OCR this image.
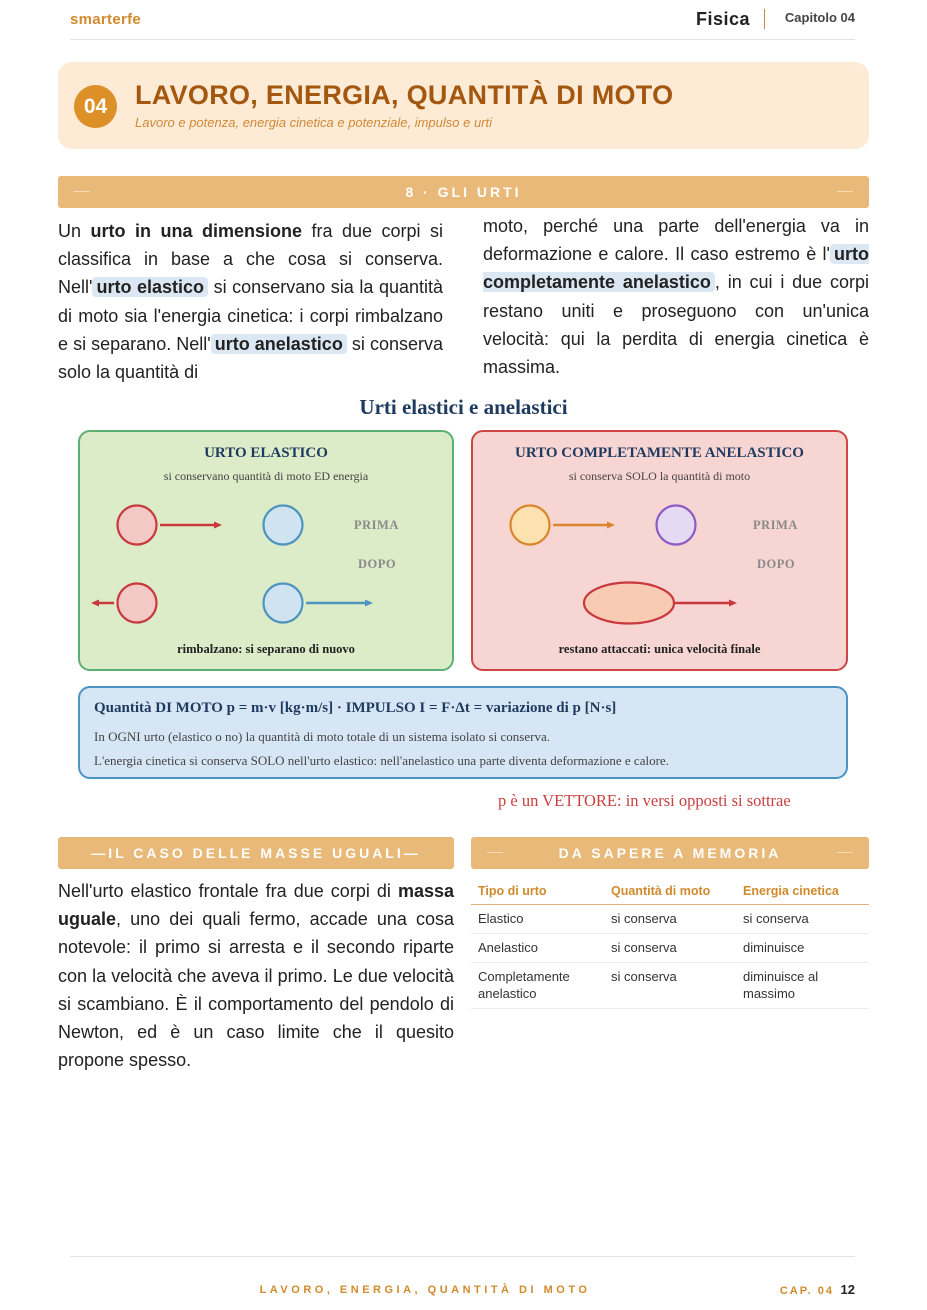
smarterfe	Fisica	Capitolo 04
04	LAVORO, ENERGIA, QUANTITÀ DI MOTO
Lavoro e potenza, energia cinetica e potenziale, impulso e urti
8 · GLI URTI
Un urto in una dimensione fra due corpi si classifica in base a che cosa si conserva. Nell' urto elastico si conservano sia la quantità di moto sia l'energia cinetica: i corpi rimbalzano e si separano. Nell' urto anelastico si conserva solo la quantità di
moto, perché una parte dell'energia va in deformazione e calore. Il caso estremo è l' urto completamente anelastico , in cui i due corpi restano uniti e proseguono con un'unica velocità: qui la perdita di energia cinetica è massima.
Urti elastici e anelastici
URTO ELASTICO
si conservano quantità di moto ED energia
PRIMA
DOPO
rimbalzano: si separano di nuovo
URTO COMPLETAMENTE ANELASTICO
si conserva SOLO la quantità di moto
PRIMA
DOPO
restano attaccati: unica velocità finale
Quantità DI MOTO p = m·v [kg·m/s] · IMPULSO I = F·Δt = variazione di p [N·s]
In OGNI urto (elastico o no) la quantità di moto totale di un sistema isolato si conserva.
L'energia cinetica si conserva SOLO nell'urto elastico: nell'anelastico una parte diventa deformazione e calore.
p è un VETTORE: in versi opposti si sottrae
—IL CASO DELLE MASSE UGUALI—
Nell'urto elastico frontale fra due corpi di massa uguale, uno dei quali fermo, accade una cosa notevole: il primo si arresta e il secondo riparte con la velocità che aveva il primo. Le due velocità si scambiano. È il comportamento del pendolo di Newton, ed è un caso limite che il quesito propone spesso.
DA SAPERE A MEMORIA
Tipo di urto	Quantità di moto	Energia cinetica
Elastico	si conserva	si conserva
Anelastico	si conserva	diminuisce
Completamente anelastico	si conserva	diminuisce al massimo
LAVORO, ENERGIA, QUANTITÀ DI MOTO	CAP. 04 12
